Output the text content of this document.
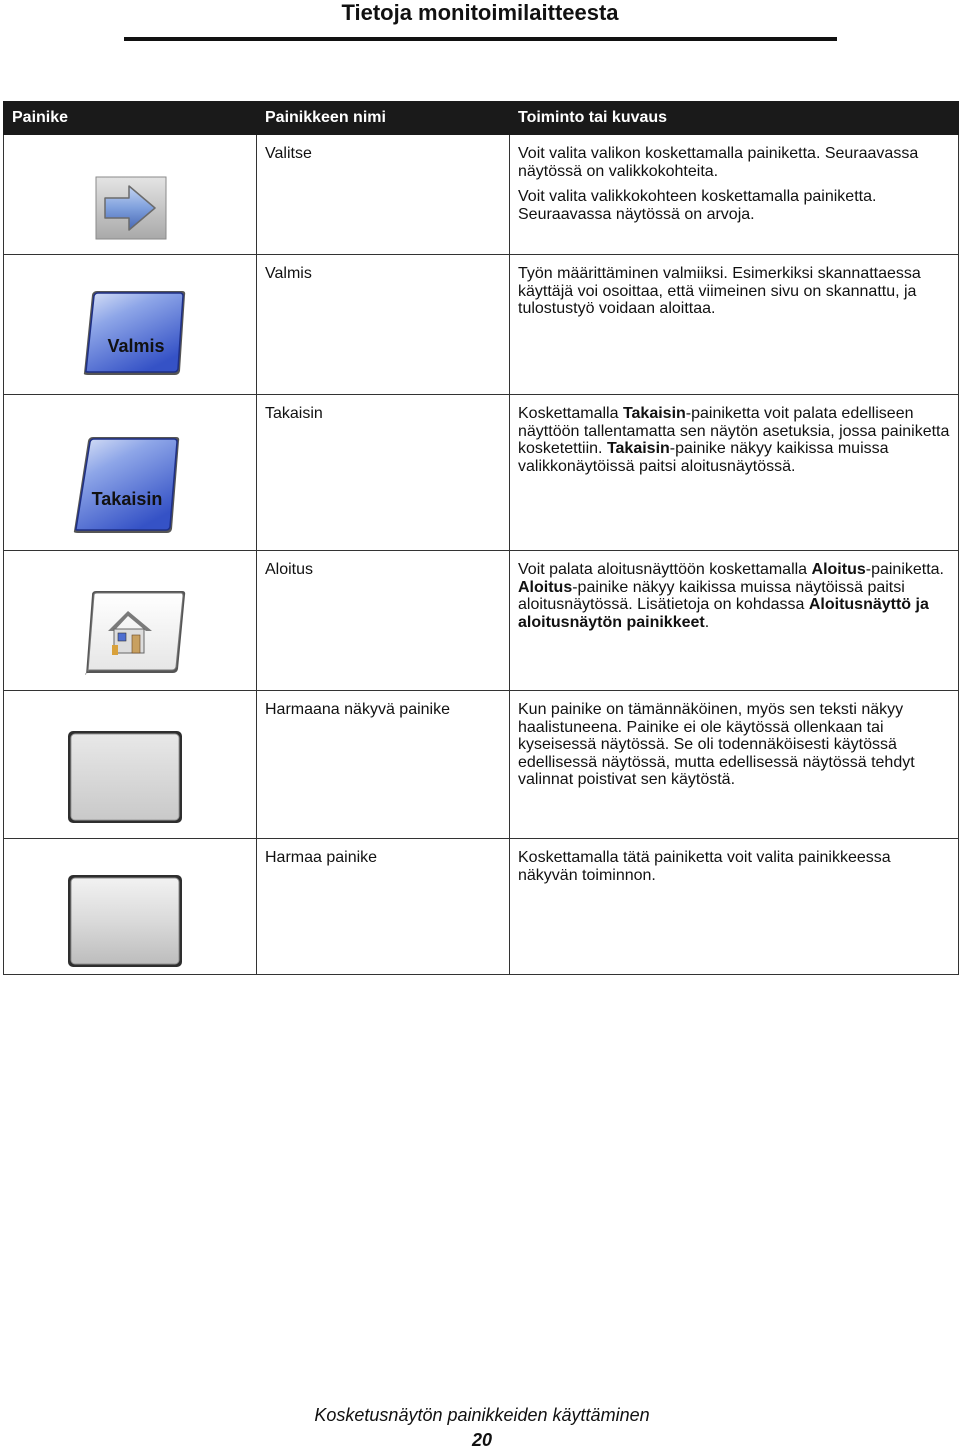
Tietoja monitoimilaitteesta
Painike	Painikkeen nimi	Toiminto tai kuvaus

	Valitse	Voit valita valikon koskettamalla painiketta. Seuraavassa näytössä on valikkokohteita.

Voit valita valikkokohteen koskettamalla painiketta. Seuraavassa näytössä on arvoja.

Valmis	Valmis	Työn määrittäminen valmiiksi. Esimerkiksi skannattaessa käyttäjä voi osoittaa, että viimeinen sivu on skannattu, ja tulostustyö voidaan aloittaa.

Takaisin	Takaisin	Koskettamalla Takaisin-painiketta voit palata edelliseen näyttöön tallentamatta sen näytön asetuksia, jossa painiketta kosketettiin. Takaisin-painike näkyy kaikissa muissa valikkonäytöissä paitsi aloitusnäytössä.

	Aloitus	Voit palata aloitusnäyttöön koskettamalla Aloitus-painiketta. Aloitus-painike näkyy kaikissa muissa näytöissä paitsi aloitusnäytössä. Lisätietoja on kohdassa Aloitusnäyttö ja aloitusnäytön painikkeet.

	Harmaana näkyvä painike	Kun painike on tämännäköinen, myös sen teksti näkyy haalistuneena. Painike ei ole käytössä ollenkaan tai kyseisessä näytössä. Se oli todennäköisesti käytössä edellisessä näytössä, mutta edellisessä näytössä tehdyt valinnat poistivat sen käytöstä.

	Harmaa painike	Koskettamalla tätä painiketta voit valita painikkeessa näkyvän toiminnon.

Kosketusnäytön painikkeiden käyttäminen
20
